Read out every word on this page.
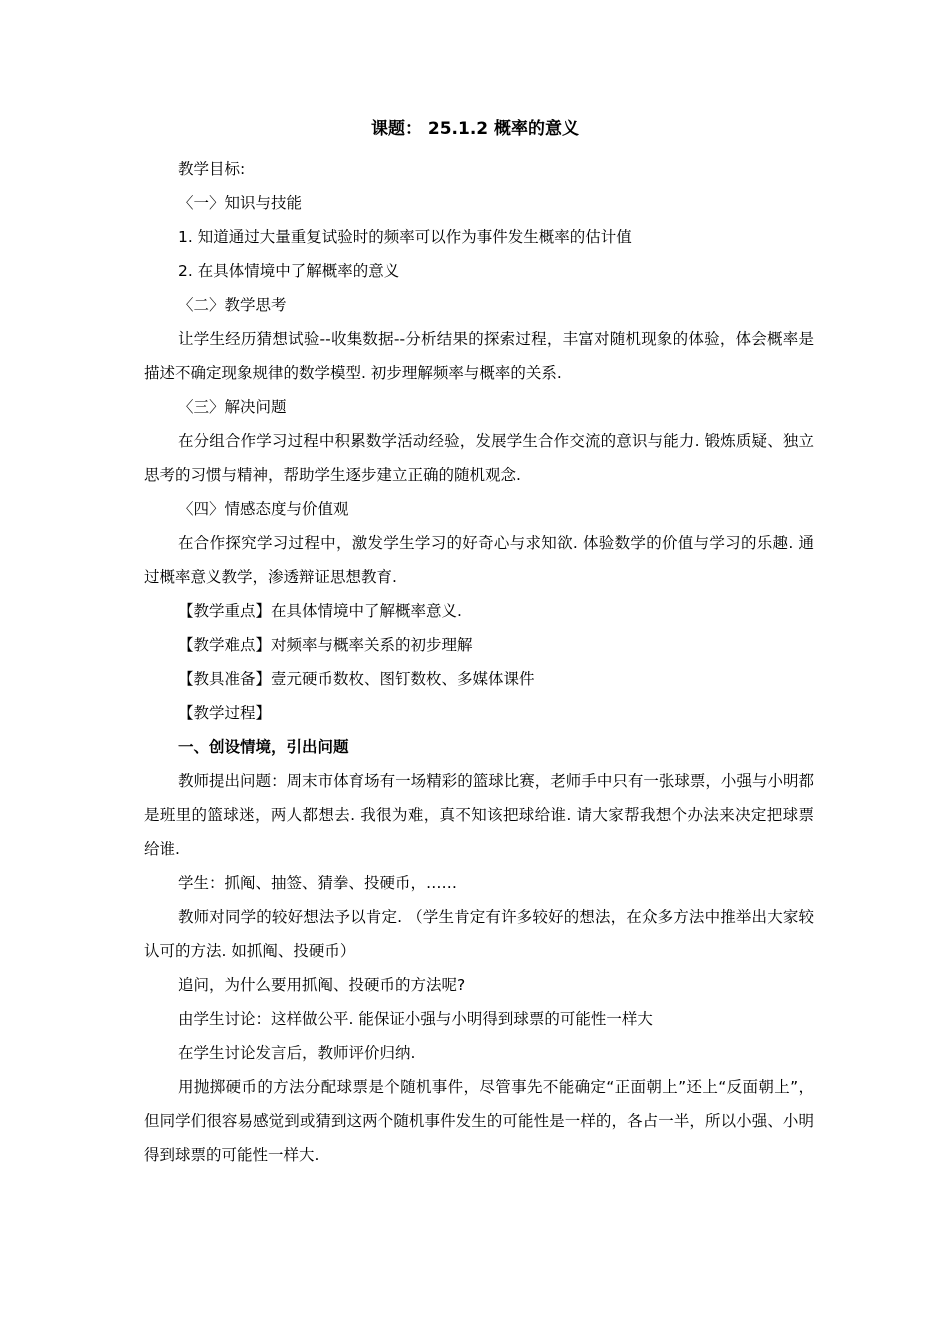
课题： 25.1.2 概率的意义

教学目标:

〈一〉知识与技能

1. 知道通过大量重复试验时的频率可以作为事件发生概率的估计值

2. 在具体情境中了解概率的意义

〈二〉教学思考

让学生经历猜想试验--收集数据--分析结果的探索过程，丰富对随机现象的体验，体会概率是描述不确定现象规律的数学模型. 初步理解频率与概率的关系.

〈三〉解决问题

在分组合作学习过程中积累数学活动经验，发展学生合作交流的意识与能力. 锻炼质疑、独立思考的习惯与精神，帮助学生逐步建立正确的随机观念.

〈四〉情感态度与价值观

在合作探究学习过程中，激发学生学习的好奇心与求知欲. 体验数学的价值与学习的乐趣. 通过概率意义教学，渗透辩证思想教育.

【教学重点】在具体情境中了解概率意义.

【教学难点】对频率与概率关系的初步理解

【教具准备】壹元硬币数枚、图钉数枚、多媒体课件

【教学过程】

一、创设情境，引出问题

教师提出问题：周末市体育场有一场精彩的篮球比赛，老师手中只有一张球票，小强与小明都是班里的篮球迷，两人都想去. 我很为难，真不知该把球给谁. 请大家帮我想个办法来决定把球票给谁.

学生：抓阄、抽签、猜拳、投硬币，……

教师对同学的较好想法予以肯定. （学生肯定有许多较好的想法，在众多方法中推举出大家较认可的方法. 如抓阄、投硬币）

追问，为什么要用抓阄、投硬币的方法呢?

由学生讨论：这样做公平. 能保证小强与小明得到球票的可能性一样大

在学生讨论发言后，教师评价归纳.

用抛掷硬币的方法分配球票是个随机事件，尽管事先不能确定“正面朝上”还上“反面朝上”，但同学们很容易感觉到或猜到这两个随机事件发生的可能性是一样的，各占一半，所以小强、小明得到球票的可能性一样大.
